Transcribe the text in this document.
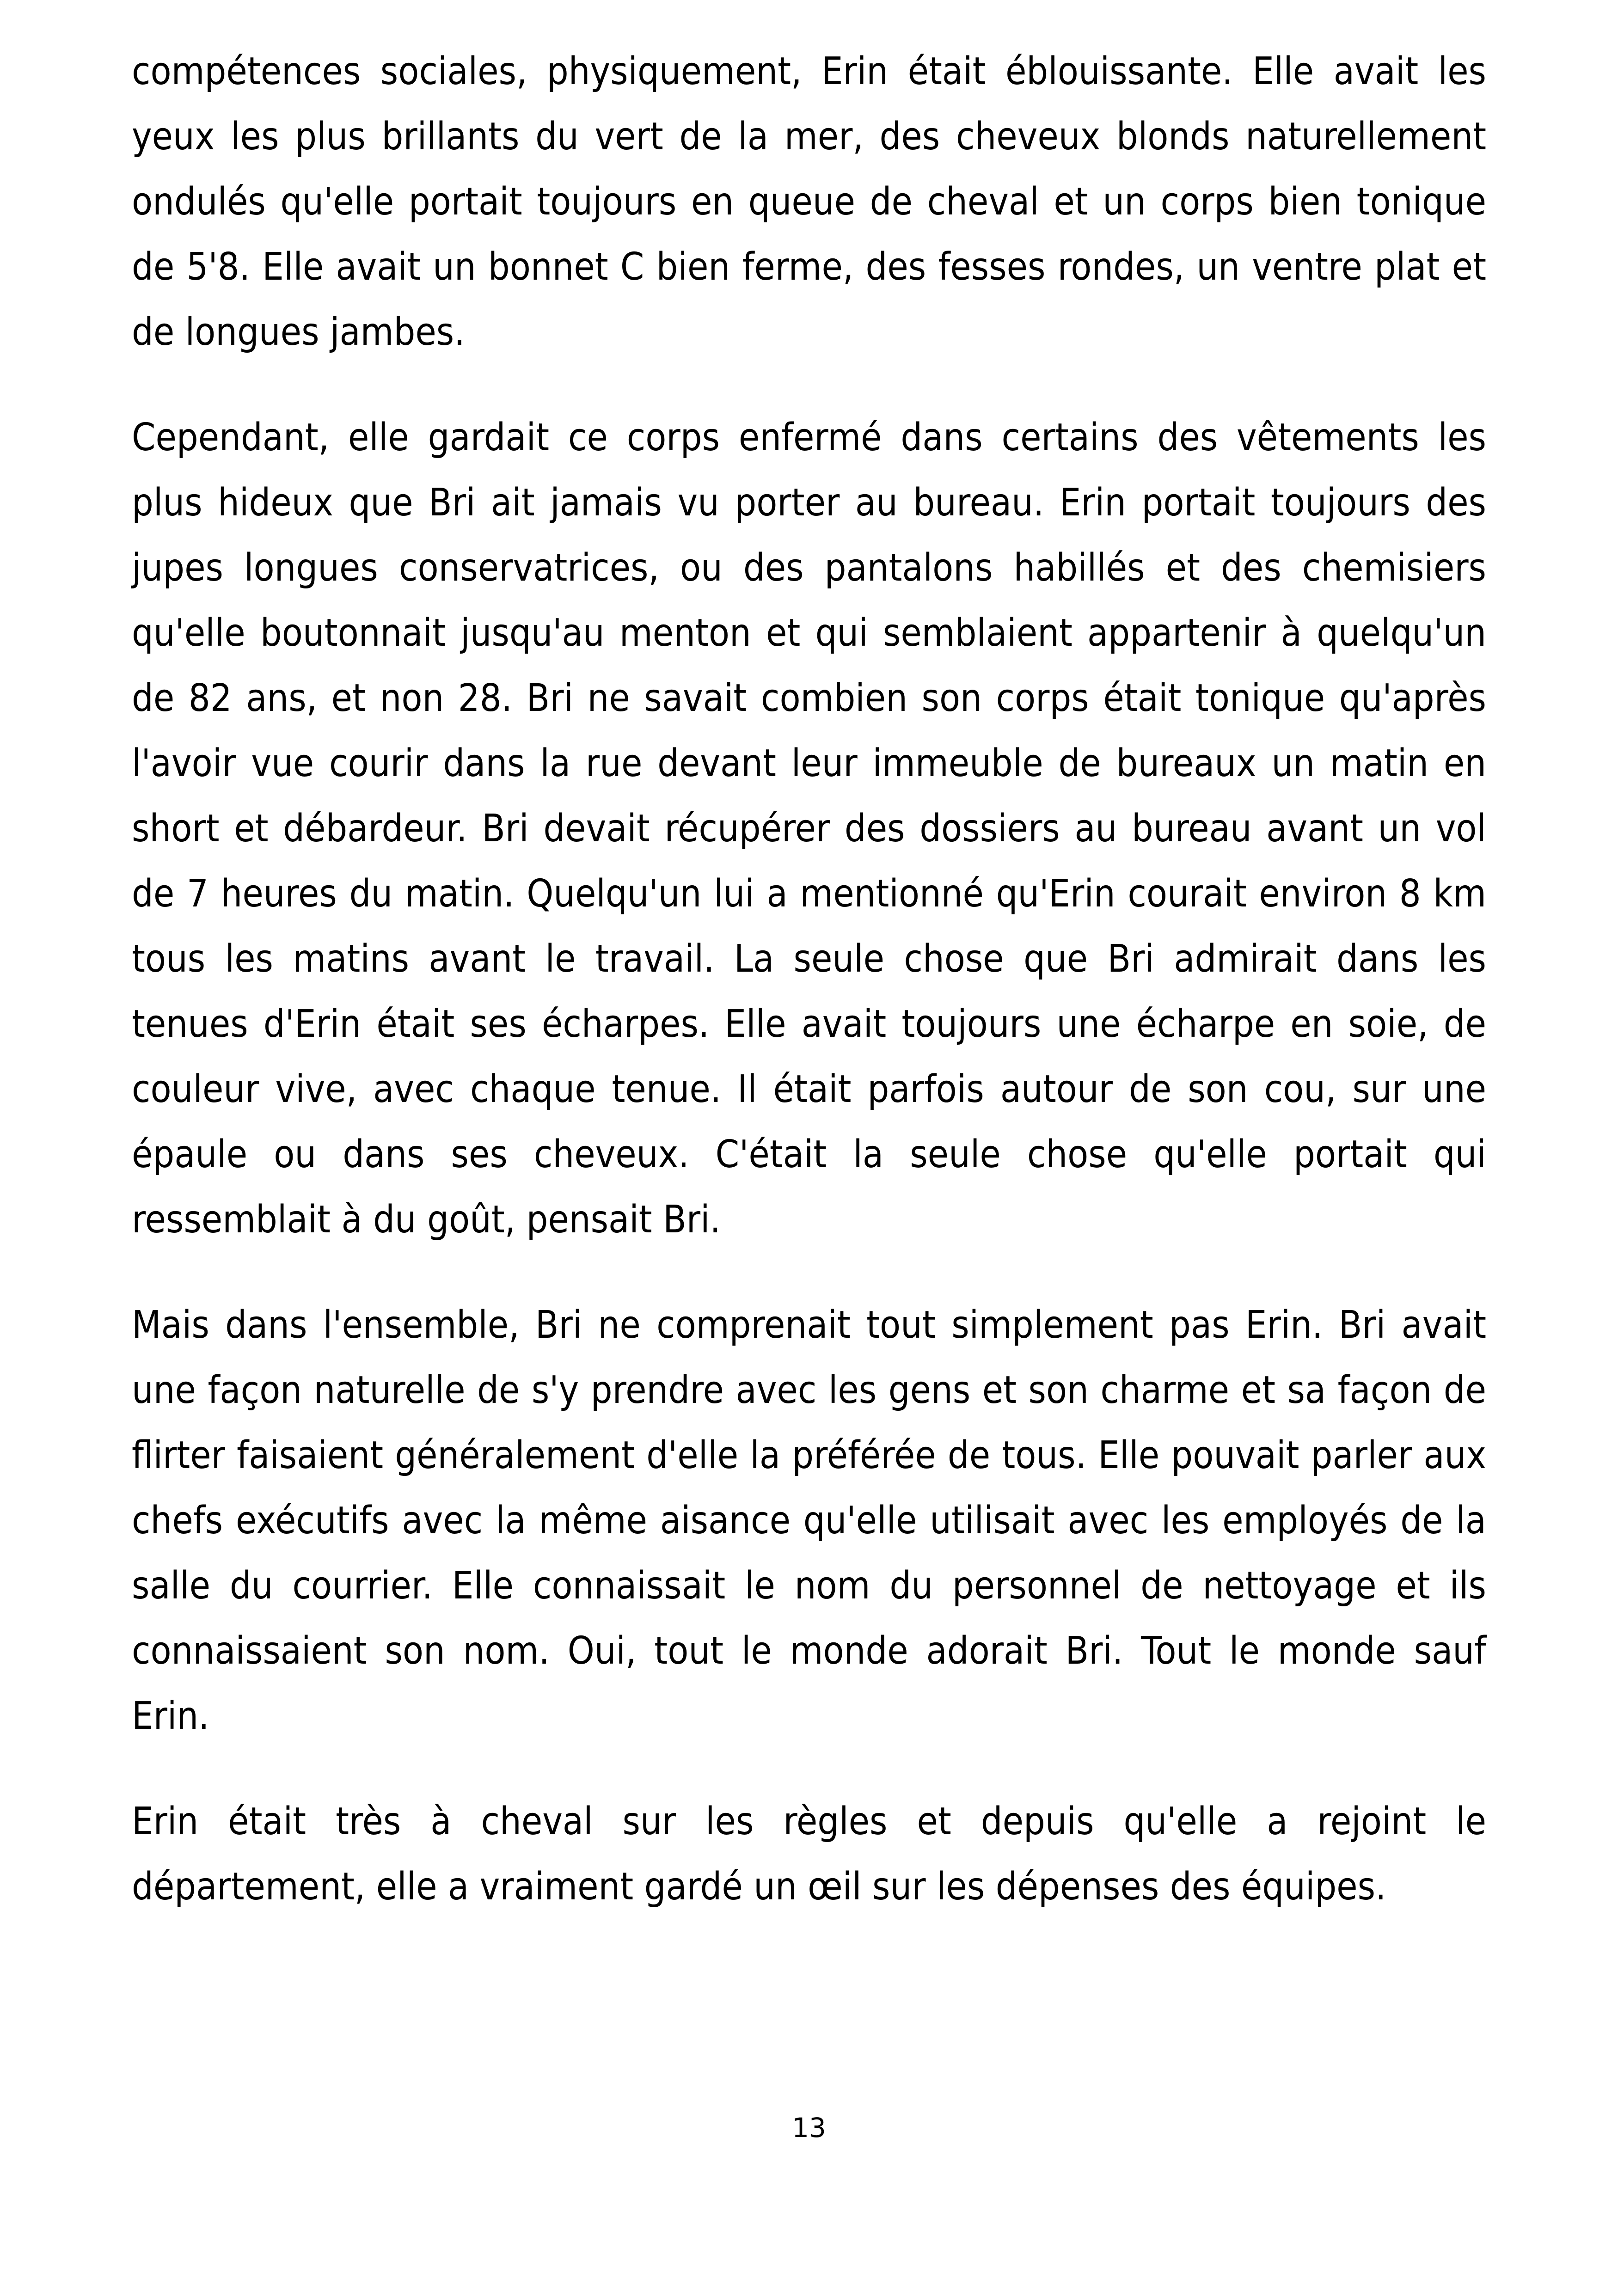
compétences sociales, physiquement, Erin était éblouissante. Elle avait les yeux les plus brillants du vert de la mer, des cheveux blonds naturellement ondulés qu'elle portait toujours en queue de cheval et un corps bien tonique de 5'8. Elle avait un bonnet C bien ferme, des fesses rondes, un ventre plat et de longues jambes.

Cependant, elle gardait ce corps enfermé dans certains des vêtements les plus hideux que Bri ait jamais vu porter au bureau. Erin portait toujours des jupes longues conservatrices, ou des pantalons habillés et des chemisiers qu'elle boutonnait jusqu'au menton et qui semblaient appartenir à quelqu'un de 82 ans, et non 28. Bri ne savait combien son corps était tonique qu'après l'avoir vue courir dans la rue devant leur immeuble de bureaux un matin en short et débardeur. Bri devait récupérer des dossiers au bureau avant un vol de 7 heures du matin. Quelqu'un lui a mentionné qu'Erin courait environ 8 km tous les matins avant le travail. La seule chose que Bri admirait dans les tenues d'Erin était ses écharpes. Elle avait toujours une écharpe en soie, de couleur vive, avec chaque tenue. Il était parfois autour de son cou, sur une épaule ou dans ses cheveux. C'était la seule chose qu'elle portait qui ressemblait à du goût, pensait Bri.

Mais dans l'ensemble, Bri ne comprenait tout simplement pas Erin. Bri avait une façon naturelle de s'y prendre avec les gens et son charme et sa façon de flirter faisaient généralement d'elle la préférée de tous. Elle pouvait parler aux chefs exécutifs avec la même aisance qu'elle utilisait avec les employés de la salle du courrier. Elle connaissait le nom du personnel de nettoyage et ils connaissaient son nom. Oui, tout le monde adorait Bri. Tout le monde sauf Erin.

Erin était très à cheval sur les règles et depuis qu'elle a rejoint le département, elle a vraiment gardé un œil sur les dépenses des équipes.

13
